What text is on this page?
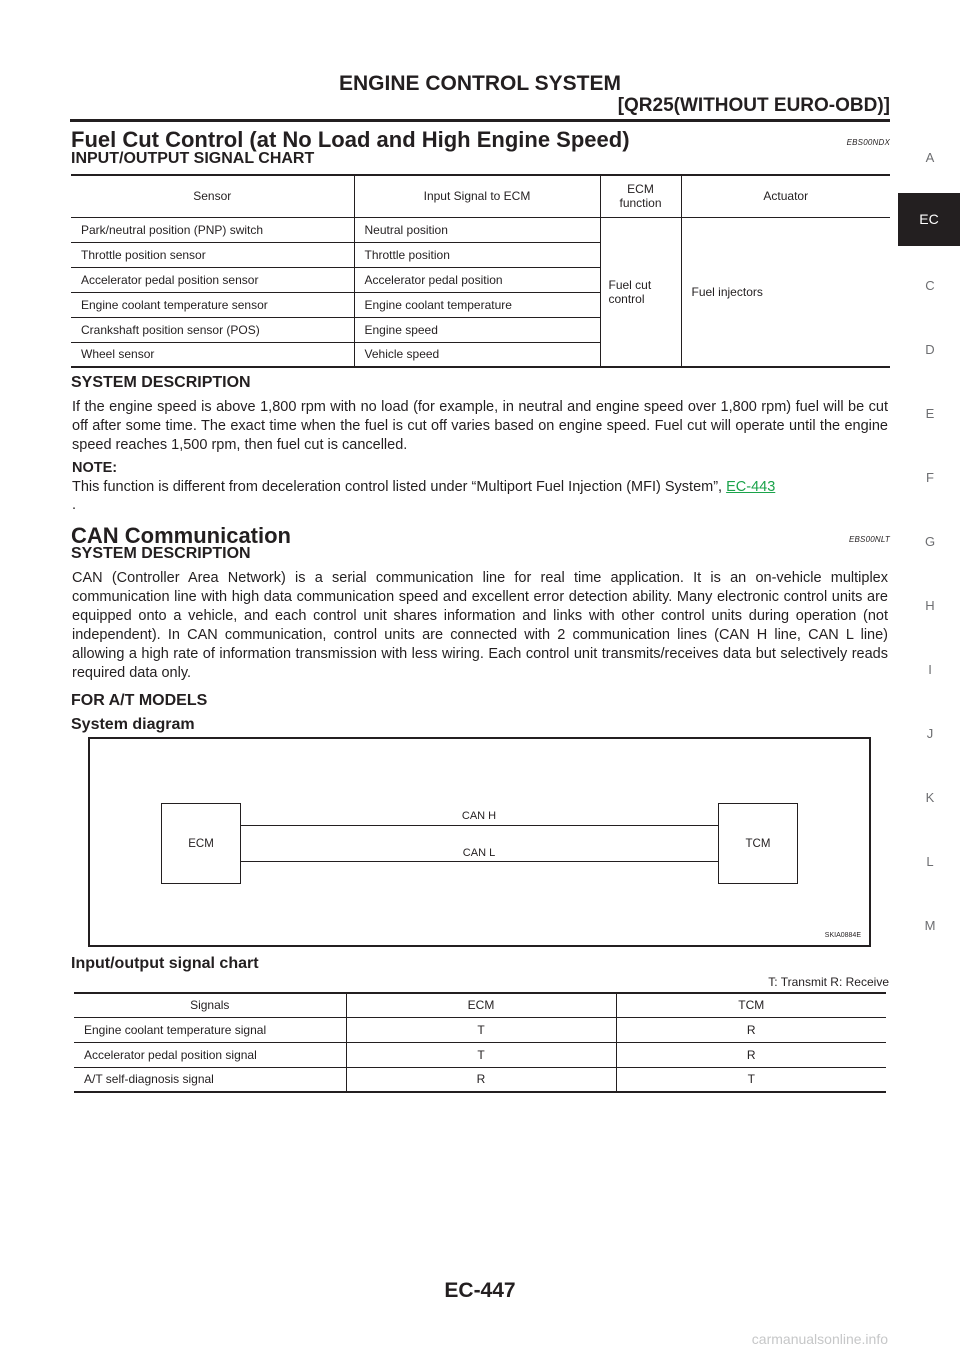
ENGINE CONTROL SYSTEM
[QR25(WITHOUT EURO-OBD)]
A
EC
C
D
E
F
G
H
I
J
K
L
M
Fuel Cut Control (at No Load and High Engine Speed)	EBS00NDX
INPUT/OUTPUT SIGNAL CHART
Sensor	Input Signal to ECM	ECM function	Actuator
Park/neutral position (PNP) switch	Neutral position	Fuel cut control	Fuel injectors
Throttle position sensor	Throttle position		
Accelerator pedal position sensor	Accelerator pedal position		
Engine coolant temperature sensor	Engine coolant temperature		
Crankshaft position sensor (POS)	Engine speed		
Wheel sensor	Vehicle speed		
SYSTEM DESCRIPTION
If the engine speed is above 1,800 rpm with no load (for example, in neutral and engine speed over 1,800 rpm) fuel will be cut off after some time. The exact time when the fuel is cut off varies based on engine speed. Fuel cut will operate until the engine speed reaches 1,500 rpm, then fuel cut is cancelled.
NOTE:
This function is different from deceleration control listed under “Multiport Fuel Injection (MFI) System”, EC-443
.
CAN Communication	EBS00NLT
SYSTEM DESCRIPTION
CAN (Controller Area Network) is a serial communication line for real time application. It is an on-vehicle multiplex communication line with high data communication speed and excellent error detection ability. Many electronic control units are equipped onto a vehicle, and each control unit shares information and links with other control units during operation (not independent). In CAN communication, control units are connected with 2 communication lines (CAN H line, CAN L line) allowing a high rate of information transmission with less wiring. Each control unit transmits/receives data but selectively reads required data only.
FOR A/T MODELS
System diagram
ECM	TCM
CAN H
CAN L
SKIA0884E
Input/output signal chart
T: Transmit R: Receive
Signals	ECM	TCM
Engine coolant temperature signal	T	R
Accelerator pedal position signal	T	R
A/T self-diagnosis signal	R	T
EC-447
carmanualsonline.info
